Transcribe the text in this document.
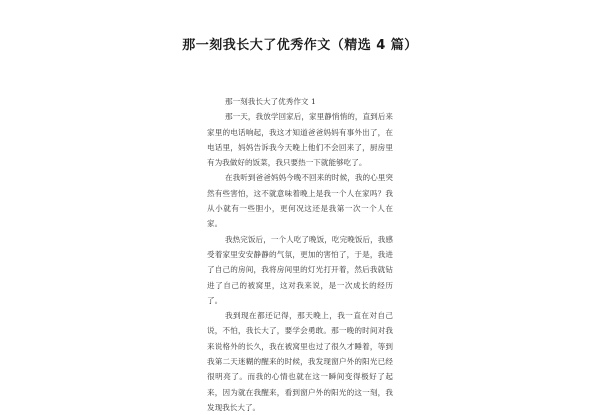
那一刻我长大了优秀作文（精选 4 篇）

那一刻我长大了优秀作文 1

那一天，我放学回家后，家里静悄悄的，直到后来家里的电话响起，我这才知道爸爸妈妈有事外出了，在电话里，妈妈告诉我今天晚上他们不会回来了，厨房里有为我做好的饭菜，我只要热一下就能够吃了。

在我听到爸爸妈妈今晚不回来的时候，我的心里突然有些害怕，这不就意味着晚上是我一个人在家吗？我从小就有一些胆小，更何况这还是我第一次一个人在家。

我热完饭后，一个人吃了晚饭，吃完晚饭后，我感受着家里安安静静的气氛，更加的害怕了，于是，我进了自己的房间，我将房间里的灯光打开着，然后我就钻进了自己的被窝里，这对我来说，是一次成长的经历了。

我到现在都还记得，那天晚上，我一直在对自己说，不怕，我长大了，要学会勇敢。那一晚的时间对我来说格外的长久，我在被窝里也过了很久才睡着，等到我第二天迷糊的醒来的时候，我发现窗户外的阳光已经很明亮了。而我的心情也就在这一瞬间变得极好了起来，因为就在我醒来，看到窗户外的阳光的这一刻，我发现我长大了。
